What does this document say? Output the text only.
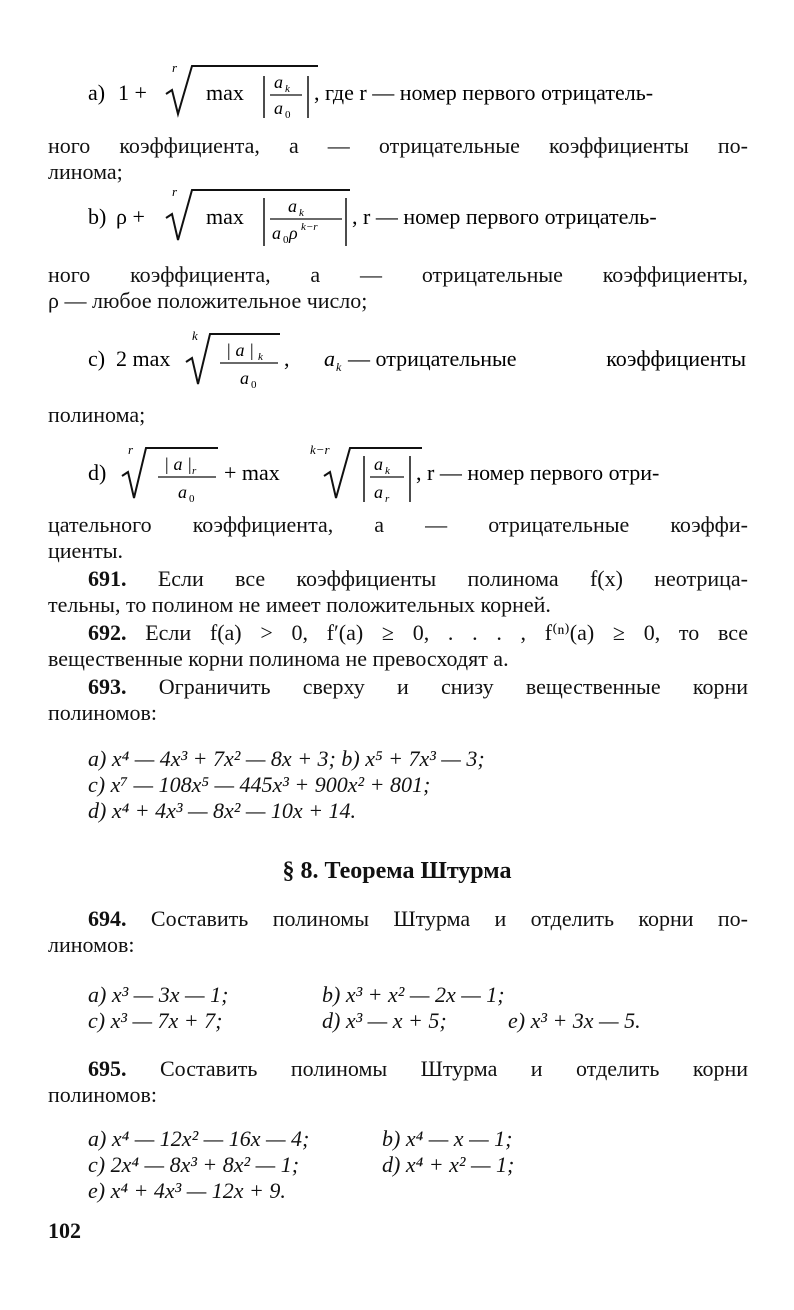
a) 1 +
r
max a k
a 0
, где r — номер первого отрицатель-
ного коэффициента, a — отрицательные коэффициенты по-
линома;
b) ρ +
r
max a k
a 0 ρ k−r , r — номер первого отрицатель-
ного коэффициента, a — отрицательные коэффициенты,
ρ — любое положительное число;
c) 2 max
k
| a | k
a 0
, a k — отрицательные	коэффициенты
полинома;
d)
r
| a | r
a 0
+ max
k−r
a k
a r
, r — номер первого отри-
цательного коэффициента, a — отрицательные коэффи-
циенты.
691. Если все коэффициенты полинома f(x) неотрица-
тельны, то полином не имеет положительных корней.
692. Если f(a) > 0, f′(a) ≥ 0, . . . , f⁽ⁿ⁾(a) ≥ 0, то все
вещественные корни полинома не превосходят a.
693. Ограничить сверху и снизу вещественные корни
полиномов:
a) x⁴ — 4x³ + 7x² — 8x + 3; b) x⁵ + 7x³ — 3;
c) x⁷ — 108x⁵ — 445x³ + 900x² + 801;
d) x⁴ + 4x³ — 8x² — 10x + 14.
§ 8. Теорема Штурма
694. Составить полиномы Штурма и отделить корни по-
линомов:
a) x³ — 3x — 1;	b) x³ + x² — 2x — 1;
c) x³ — 7x + 7;	d) x³ — x + 5;	e) x³ + 3x — 5.
695. Составить полиномы Штурма и отделить корни
полиномов:
a) x⁴ — 12x² — 16x — 4;	b) x⁴ — x — 1;
c) 2x⁴ — 8x³ + 8x² — 1;	d) x⁴ + x² — 1;
e) x⁴ + 4x³ — 12x + 9.
102
